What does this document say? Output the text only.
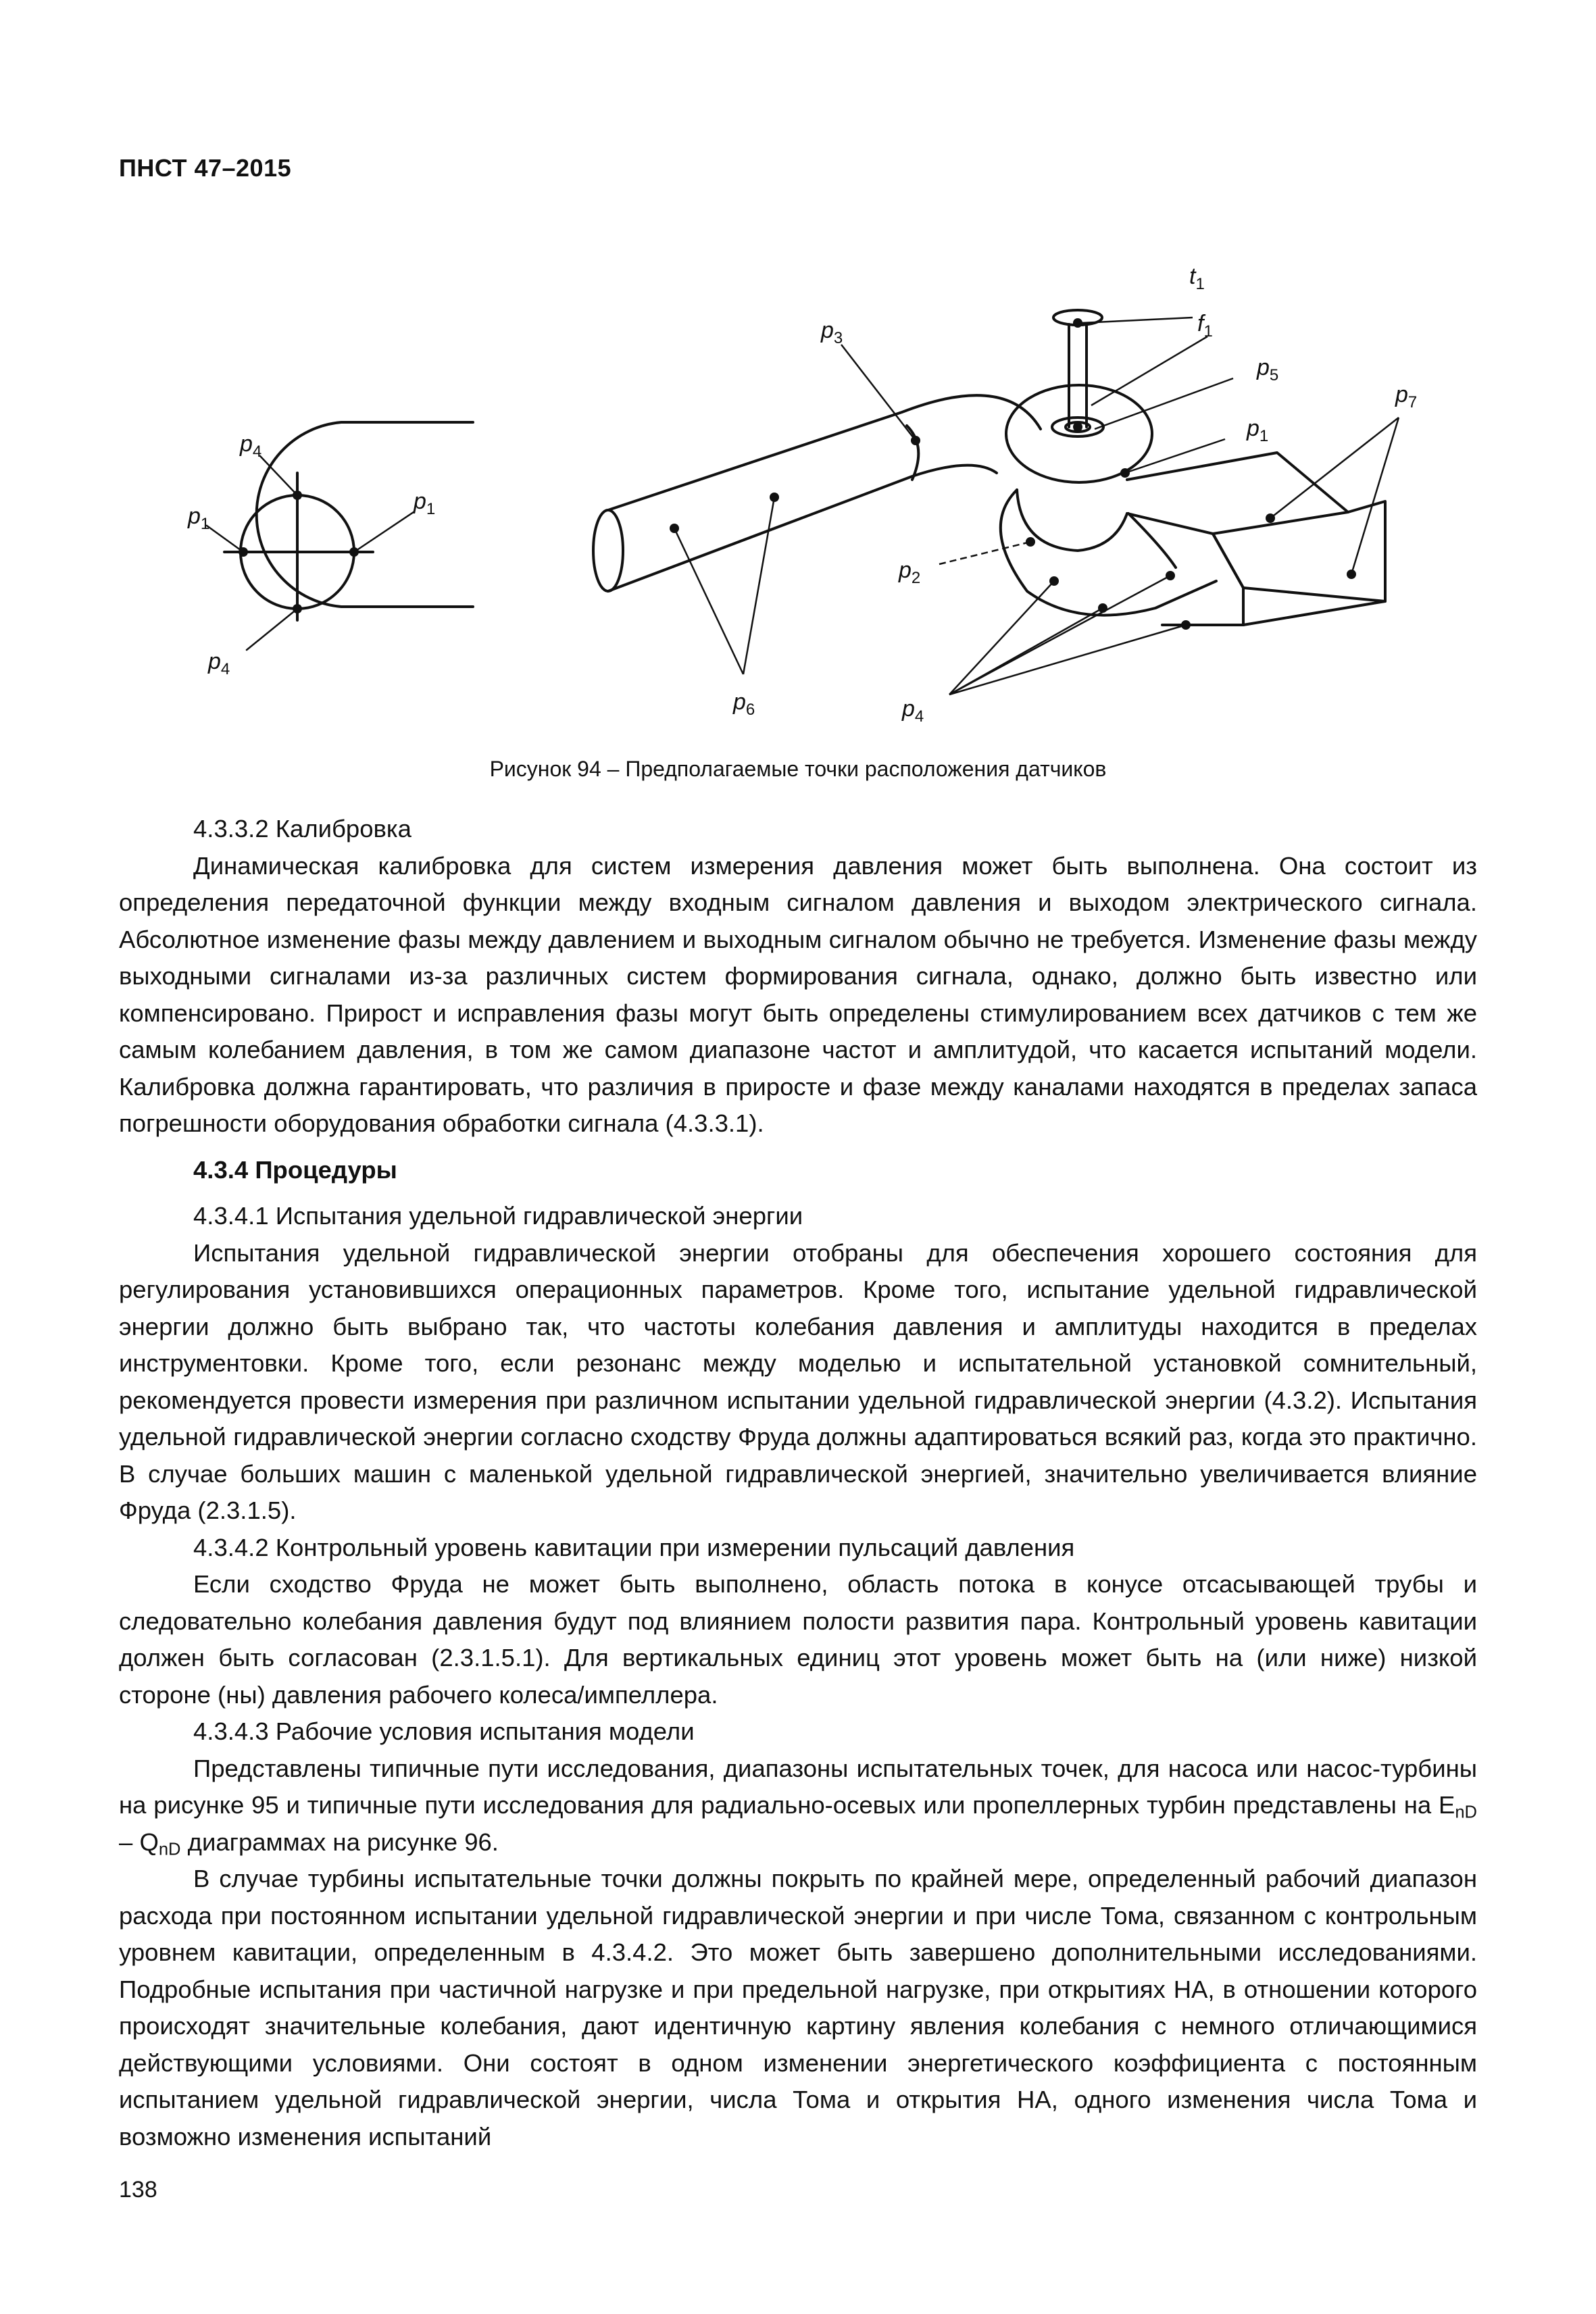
ПНСТ 47–2015
$p_4$
$p_1$
$p_1$
$p_4$
$p_3$
$t_1$
$f_1$
$p_5$
$p_7$
$p_1$
$p_2$
$p_6$	$p_4$
Рисунок 94 – Предполагаемые точки расположения датчиков

4.3.3.2 Калибровка

Динамическая калибровка для систем измерения давления может быть выполнена. Она состоит из определения передаточной функции между входным сигналом давления и выходом электрического сигнала. Абсолютное изменение фазы между давлением и выходным сигналом обычно не требуется. Изменение фазы между выходными сигналами из-за различных систем формирования сигнала, однако, должно быть известно или компенсировано. Прирост и исправления фазы могут быть определены стимулированием всех датчиков с тем же самым колебанием давления, в том же самом диапазоне частот и амплитудой, что касается испытаний модели. Калибровка должна гарантировать, что различия в приросте и фазе между каналами находятся в пределах запаса погрешности оборудования обработки сигнала (4.3.3.1).

4.3.4 Процедуры

4.3.4.1 Испытания удельной гидравлической энергии

Испытания удельной гидравлической энергии отобраны для обеспечения хорошего состояния для регулирования установившихся операционных параметров. Кроме того, испытание удельной гидравлической энергии должно быть выбрано так, что частоты колебания давления и амплитуды находится в пределах инструментовки. Кроме того, если резонанс между моделью и испытательной установкой сомнительный, рекомендуется провести измерения при различном испытании удельной гидравлической энергии (4.3.2). Испытания удельной гидравлической энергии согласно сходству Фруда должны адаптироваться всякий раз, когда это практично. В случае больших машин с маленькой удельной гидравлической энергией, значительно увеличивается влияние Фруда (2.3.1.5).

4.3.4.2 Контрольный уровень кавитации при измерении пульсаций давления

Если сходство Фруда не может быть выполнено, область потока в конусе отсасывающей трубы и следовательно колебания давления будут под влиянием полости развития пара. Контрольный уровень кавитации должен быть согласован (2.3.1.5.1). Для вертикальных единиц этот уровень может быть на (или ниже) низкой стороне (ны) давления рабочего колеса/импеллера.

4.3.4.3 Рабочие условия испытания модели

Представлены типичные пути исследования, диапазоны испытательных точек, для насоса или насос-турбины на рисунке 95 и типичные пути исследования для радиально-осевых или пропеллерных турбин представлены на $E_{nD} - Q_{nD}$ диаграммах на рисунке 96.

В случае турбины испытательные точки должны покрыть по крайней мере, определенный рабочий диапазон расхода при постоянном испытании удельной гидравлической энергии и при числе Тома, связанном с контрольным уровнем кавитации, определенным в 4.3.4.2. Это может быть завершено дополнительными исследованиями. Подробные испытания при частичной нагрузке и при предельной нагрузке, при открытиях НА, в отношении которого происходят значительные колебания, дают идентичную картину явления колебания с немного отличающимися действующими условиями. Они состоят в одном изменении энергетического коэффициента с постоянным испытанием удельной гидравлической энергии, числа Тома и открытия НА, одного изменения числа Тома и возможно изменения испытаний

138
